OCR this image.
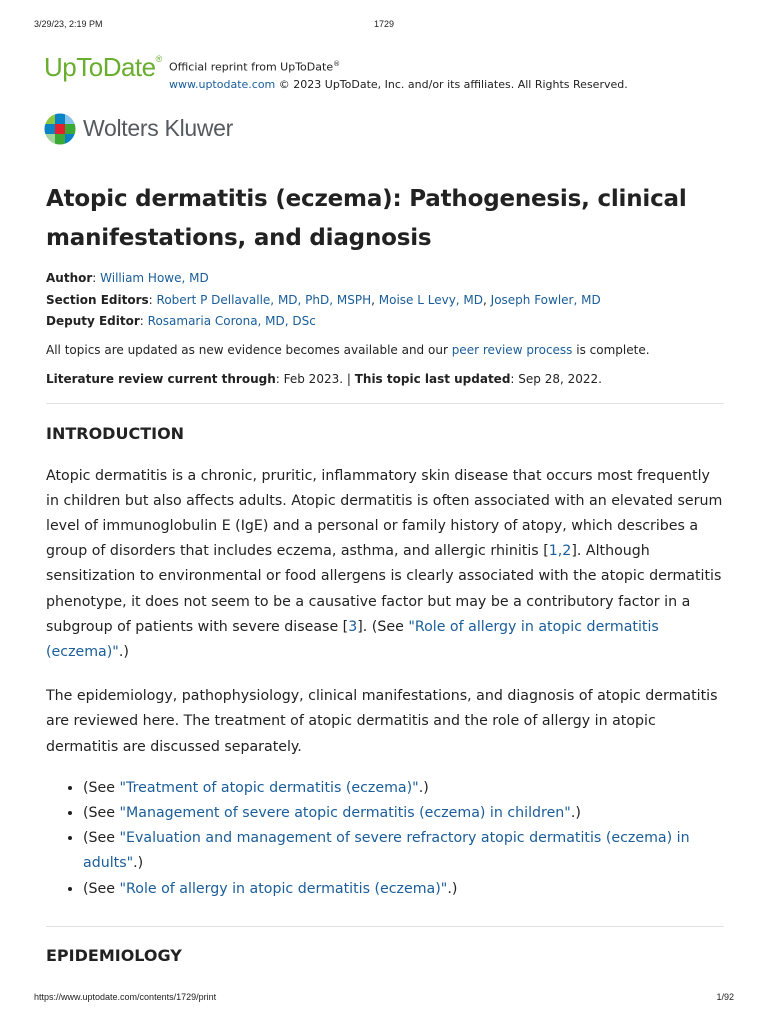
3/29/23, 2:19 PM	1729
UpToDate®
Official reprint from UpToDate®
www.uptodate.com © 2023 UpToDate, Inc. and/or its affiliates. All Rights Reserved.
Wolters Kluwer
Atopic dermatitis (eczema): Pathogenesis, clinical manifestations, and diagnosis
Author: William Howe, MD
Section Editors: Robert P Dellavalle, MD, PhD, MSPH, Moise L Levy, MD, Joseph Fowler, MD
Deputy Editor: Rosamaria Corona, MD, DSc
All topics are updated as new evidence becomes available and our peer review process is complete.
Literature review current through: Feb 2023. | This topic last updated: Sep 28, 2022.
INTRODUCTION

Atopic dermatitis is a chronic, pruritic, inflammatory skin disease that occurs most frequently in children but also affects adults. Atopic dermatitis is often associated with an elevated serum level of immunoglobulin E (IgE) and a personal or family history of atopy, which describes a group of disorders that includes eczema, asthma, and allergic rhinitis [1,2]. Although sensitization to environmental or food allergens is clearly associated with the atopic dermatitis phenotype, it does not seem to be a causative factor but may be a contributory factor in a subgroup of patients with severe disease [3]. (See "Role of allergy in atopic dermatitis (eczema)".)

The epidemiology, pathophysiology, clinical manifestations, and diagnosis of atopic dermatitis are reviewed here. The treatment of atopic dermatitis and the role of allergy in atopic dermatitis are discussed separately.

• (See "Treatment of atopic dermatitis (eczema)".)
• (See "Management of severe atopic dermatitis (eczema) in children".)
• (See "Evaluation and management of severe refractory atopic dermatitis (eczema) in adults".)
• (See "Role of allergy in atopic dermatitis (eczema)".)
EPIDEMIOLOGY
https://www.uptodate.com/contents/1729/print	1/92
